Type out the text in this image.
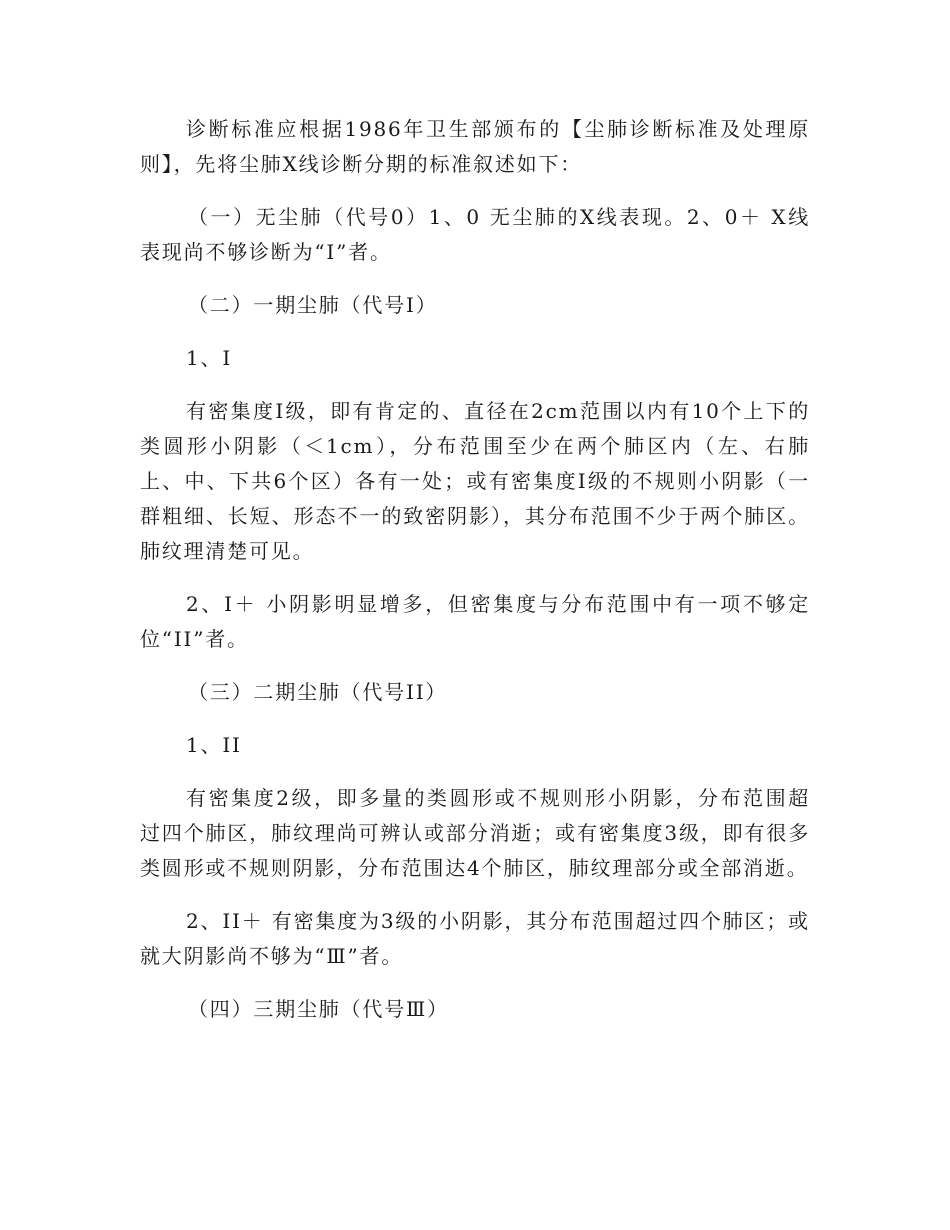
诊断标准应根据1986年卫生部颁布的【尘肺诊断标准及处理原则】，先将尘肺X线诊断分期的标准叙述如下：

（一）无尘肺（代号0）1、0 无尘肺的X线表现。2、0＋ X线表现尚不够诊断为“I”者。

（二）一期尘肺（代号I）

1、I

有密集度I级，即有肯定的、直径在2cm范围以内有10个上下的类圆形小阴影（＜1cm），分布范围至少在两个肺区内（左、右肺上、中、下共6个区）各有一处；或有密集度I级的不规则小阴影（一群粗细、长短、形态不一的致密阴影），其分布范围不少于两个肺区。肺纹理清楚可见。

2、I＋ 小阴影明显增多，但密集度与分布范围中有一项不够定位“II”者。

（三）二期尘肺（代号II）

1、II

有密集度2级，即多量的类圆形或不规则形小阴影，分布范围超过四个肺区，肺纹理尚可辨认或部分消逝；或有密集度3级，即有很多类圆形或不规则阴影，分布范围达4个肺区，肺纹理部分或全部消逝。

2、II＋ 有密集度为3级的小阴影，其分布范围超过四个肺区；或就大阴影尚不够为“Ⅲ”者。

（四）三期尘肺（代号Ⅲ）
